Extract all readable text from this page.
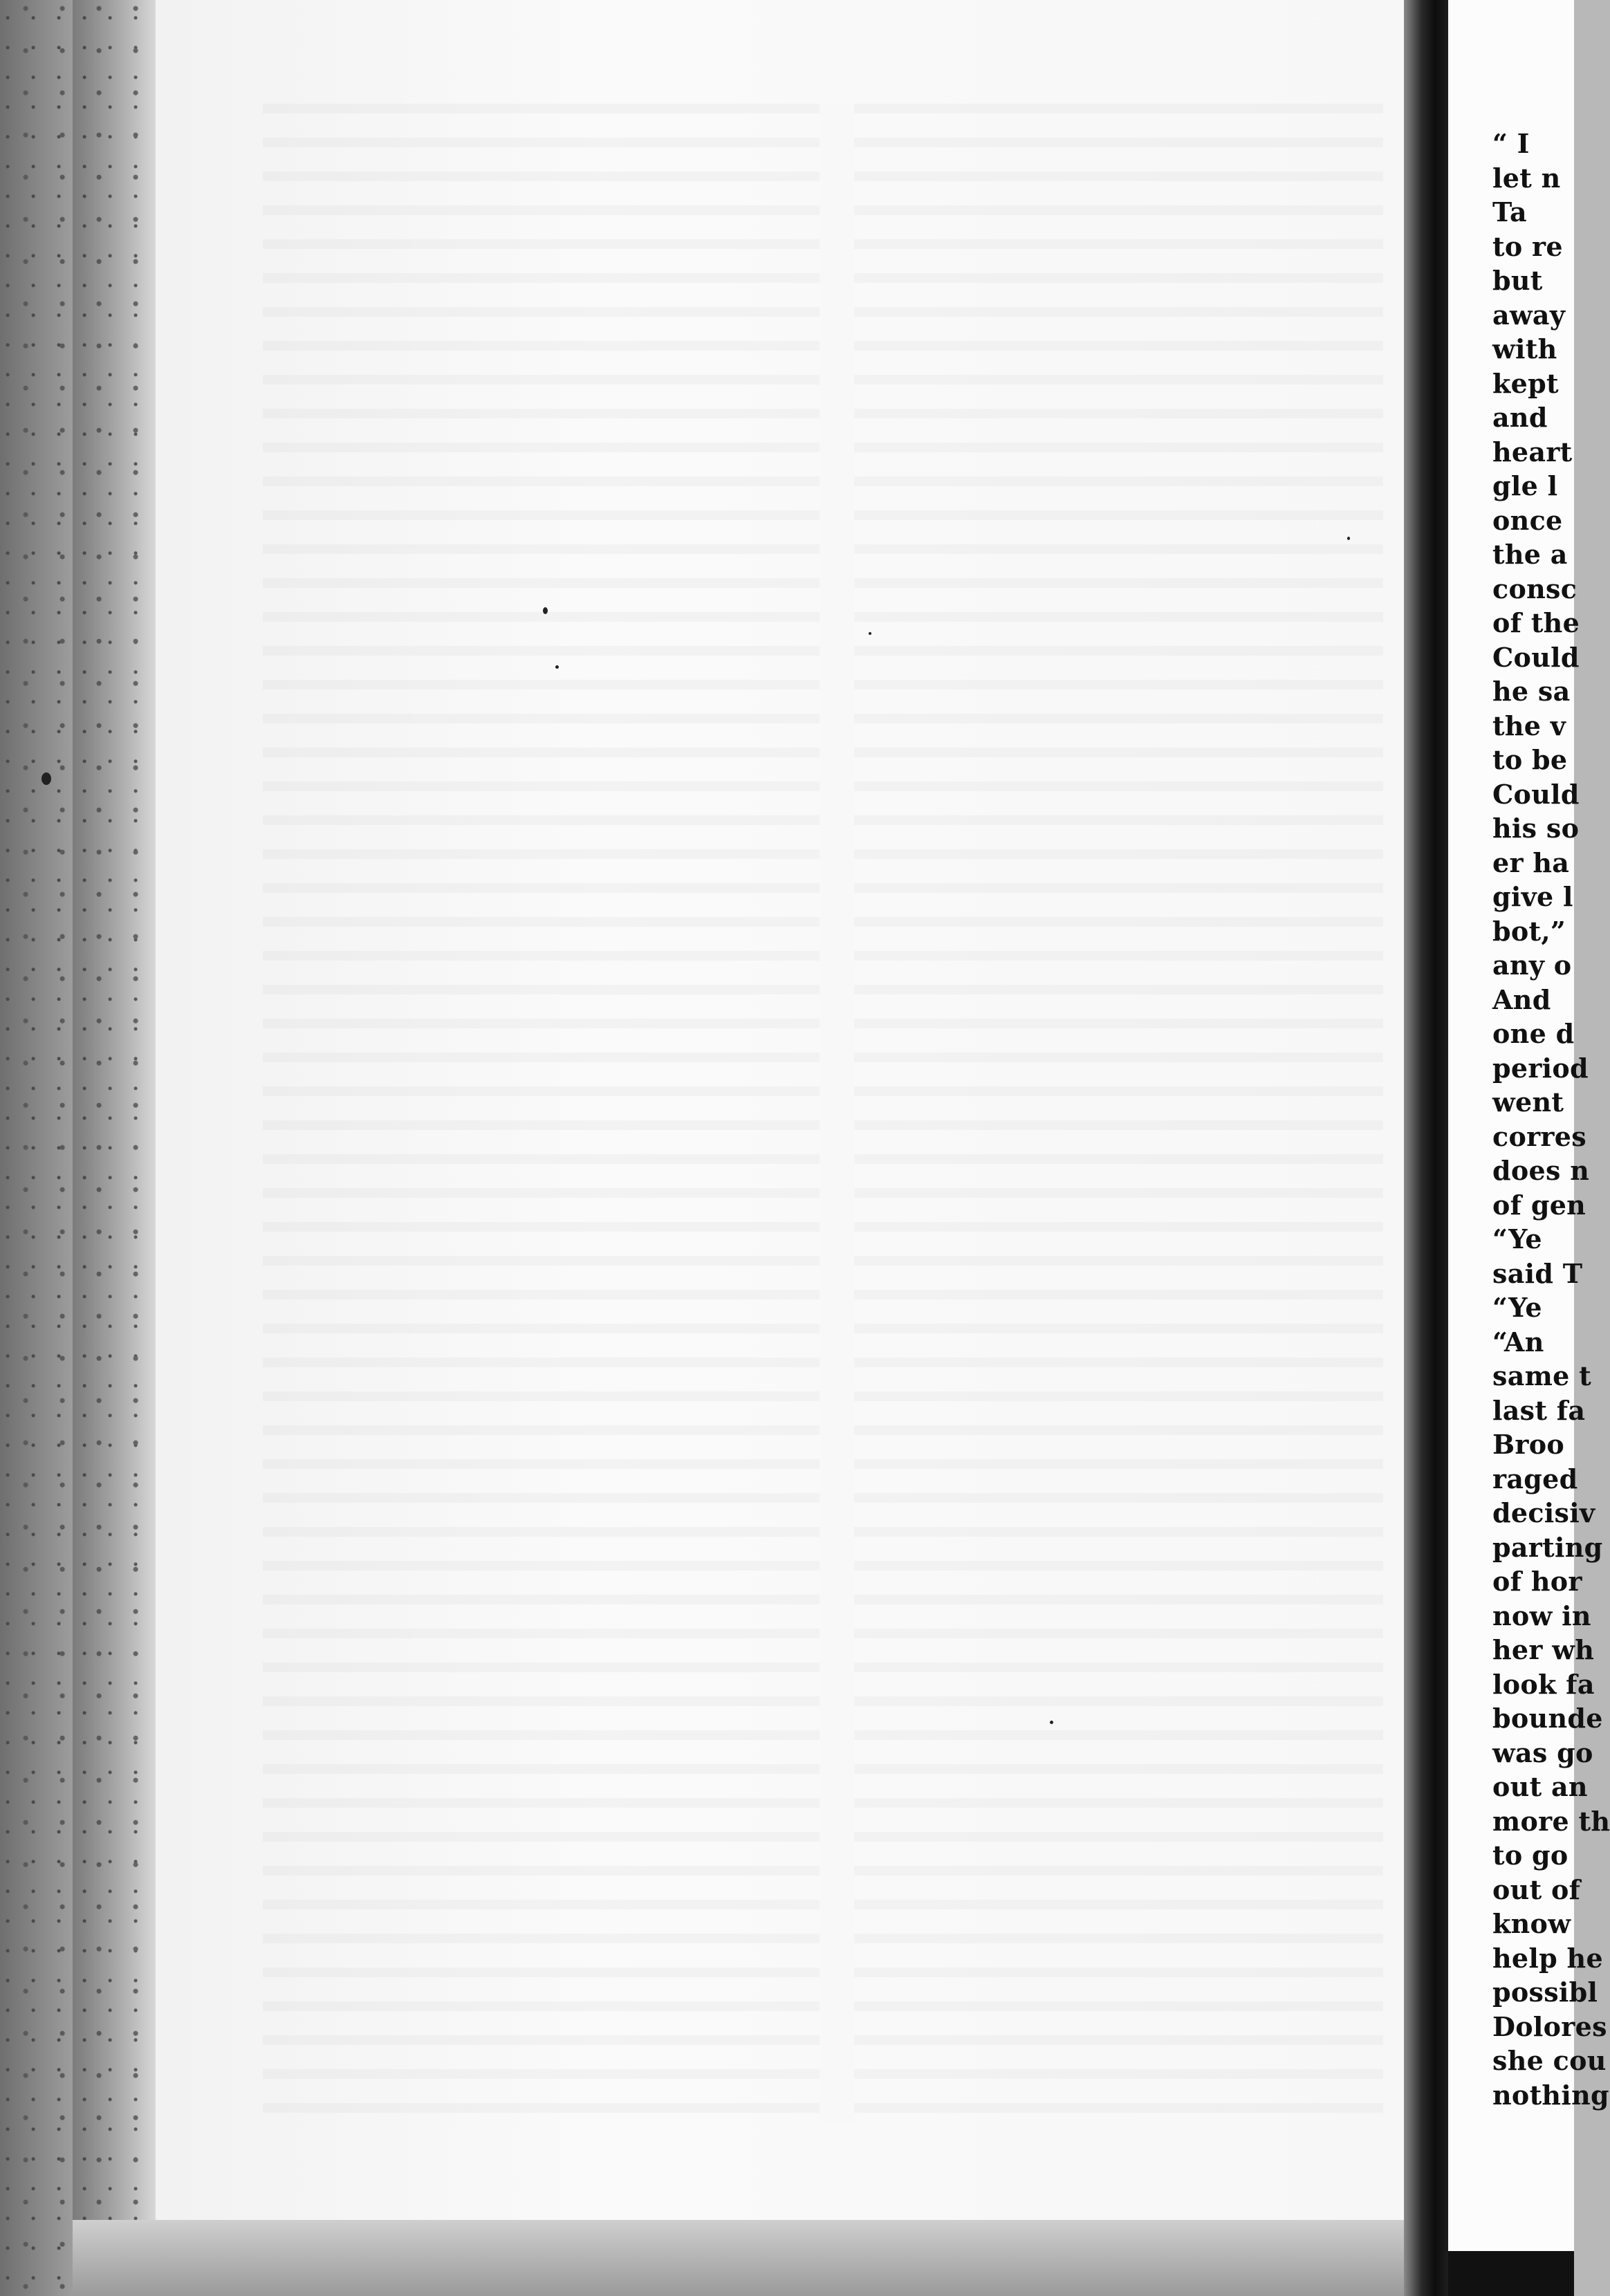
“ I
let n
Ta
to re
but
away
with
kept
and
heart
gle l
once
the a
consc
of the
Could
he sa
the v
to be
Could
his so
er ha
give l
bot,”
any o
And
one d
period
went
corres
does n
of gen
“Ye
said T
“Ye
“An
same t
last fa
Broo
raged
decisiv
parting
of hor
now in
her wh
look fa
bounde
was go
out an
more th
to go
out of
know
help he
possibl
Dolores
she cou
nothing
